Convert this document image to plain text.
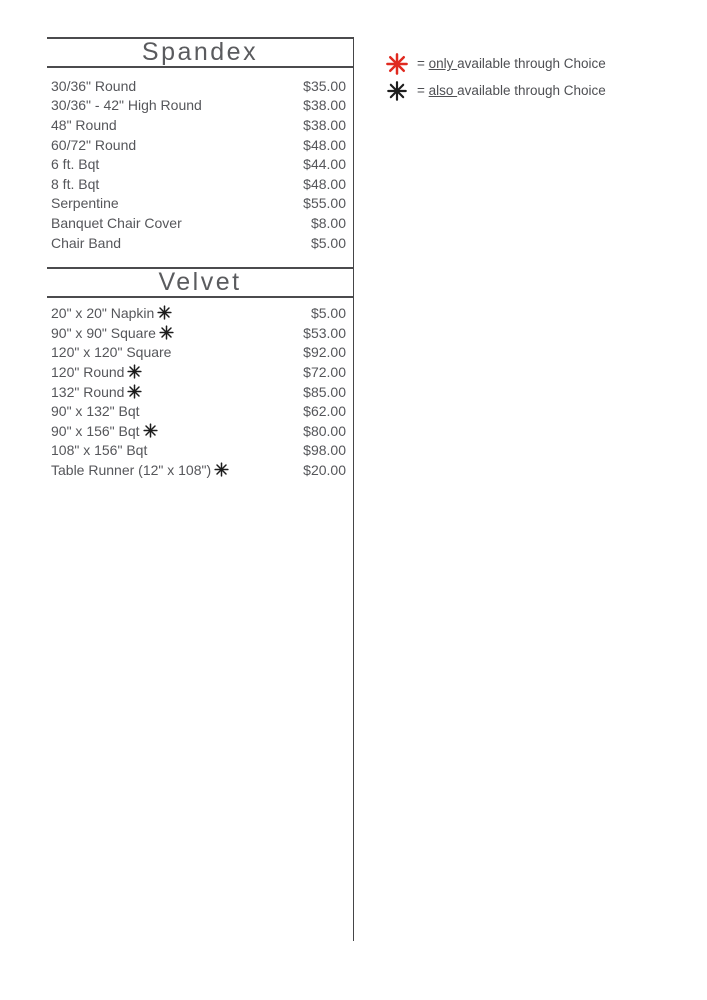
Spandex
30/36" Round	$35.00
30/36" - 42" High Round	$38.00
48" Round	$38.00
60/72" Round	$48.00
6 ft. Bqt	$44.00
8 ft. Bqt	$48.00
Serpentine	$55.00
Banquet Chair Cover	$8.00
Chair Band	$5.00
Velvet
20" x 20" Napkin	$5.00
90" x 90" Square	$53.00
120" x 120" Square	$92.00
120" Round	$72.00
132" Round	$85.00
90" x 132" Bqt	$62.00
90" x 156" Bqt	$80.00
108" x 156" Bqt	$98.00
Table Runner (12" x 108")	$20.00
= only available through Choice
= also available through Choice
